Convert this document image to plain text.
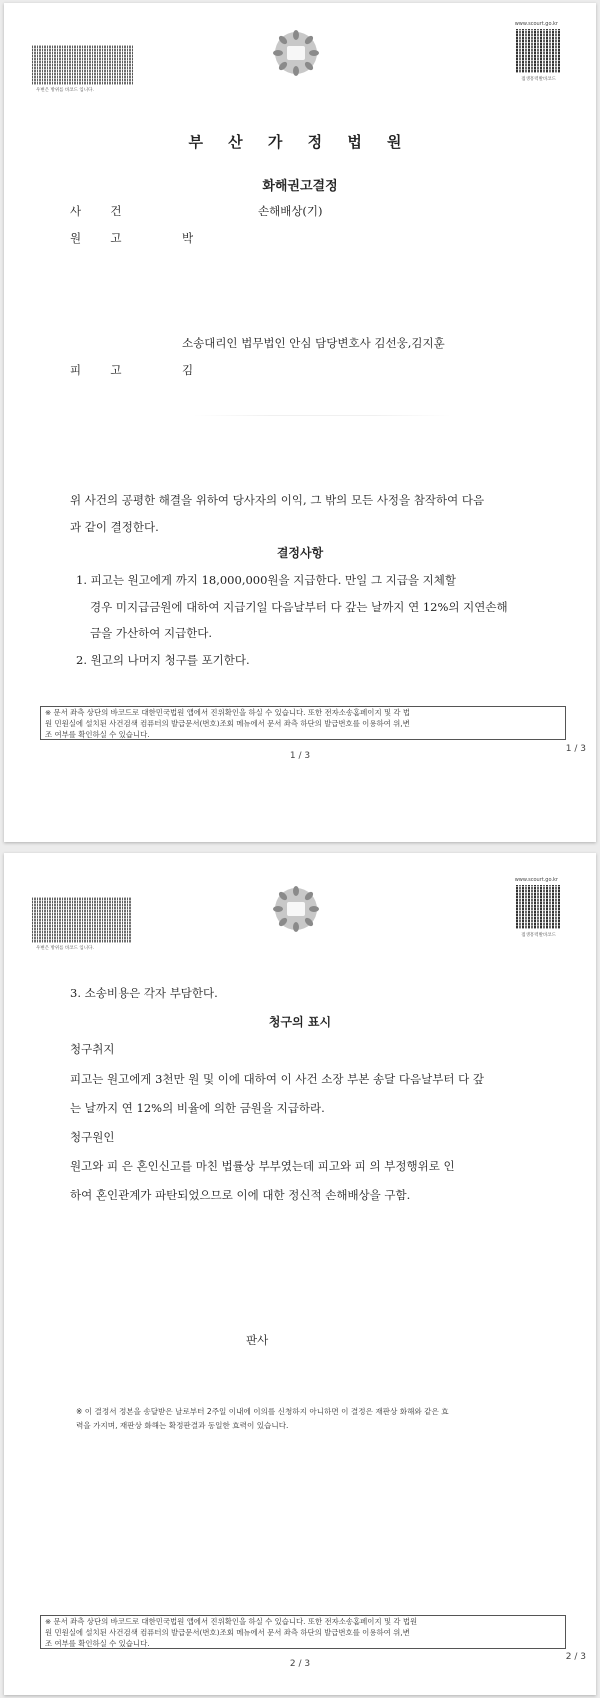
우변은 방위를 바코드 입니다.
www.scourt.go.kr
접생흥력발바코드
부 산 가 정 법 원
화해권고결정
사        건	손해배상(기)
원        고	박
소송대리인 법무법인 안심 담당변호사 김선웅,김지훈
피        고	김
위 사건의 공평한 해결을 위하여 당사자의 이익, 그 밖의 모든 사정을 참작하여 다음
과 같이 결정한다.
결정사항
1. 피고는 원고에게 까지 18,000,000원을 지급한다. 만일 그 지급을 지체할
경우 미지급금원에 대하여 지급기일 다음날부터 다 갚는 날까지 연 12%의 지연손해
금을 가산하여 지급한다.
2. 원고의 나머지 청구를 포기한다.
※ 문서 좌측 상단의 바코드로 대한민국법원 앱에서 진위확인을 하실 수 있습니다. 또한 전자소송홈페이지 및 각 법
원 민원실에 설치된 사건검색 컴퓨터의 발급문서(번호)조회 메뉴에서 문서 좌측 하단의 발급번호를 이용하여 위,변
조 여부를 확인하실 수 있습니다.
1 / 3
1 / 3
우변은 방위를 바코드 입니다.
www.scourt.go.kr
접생흥력발바코드
3. 소송비용은 각자 부담한다.
청구의 표시
청구취지
피고는 원고에게 3천만 원 및 이에 대하여 이 사건 소장 부본 송달 다음날부터 다 갚
는 날까지 연 12%의 비율에 의한 금원을 지급하라.
청구원인
원고와 피 은 혼인신고를 마친 법률상 부부였는데 피고와 피 의 부정행위로 인
하여 혼인관계가 파탄되었으므로 이에 대한 정신적 손해배상을 구함.
판사
※ 이 결정서 정본을 송달받은 날로부터 2주일 이내에 이의를 신청하지 아니하면 이 결정은 재판상 화해와 같은 효
력을 가지며, 재판상 화해는 확정판결과 동일한 효력이 있습니다.
※ 문서 좌측 상단의 바코드로 대한민국법원 앱에서 진위확인을 하실 수 있습니다. 또한 전자소송홈페이지 및 각 법원
원 민원실에 설치된 사건검색 컴퓨터의 발급문서(번호)조회 메뉴에서 문서 좌측 하단의 발급번호를 이용하여 위,변
조 여부를 확인하실 수 있습니다.
2 / 3
2 / 3
